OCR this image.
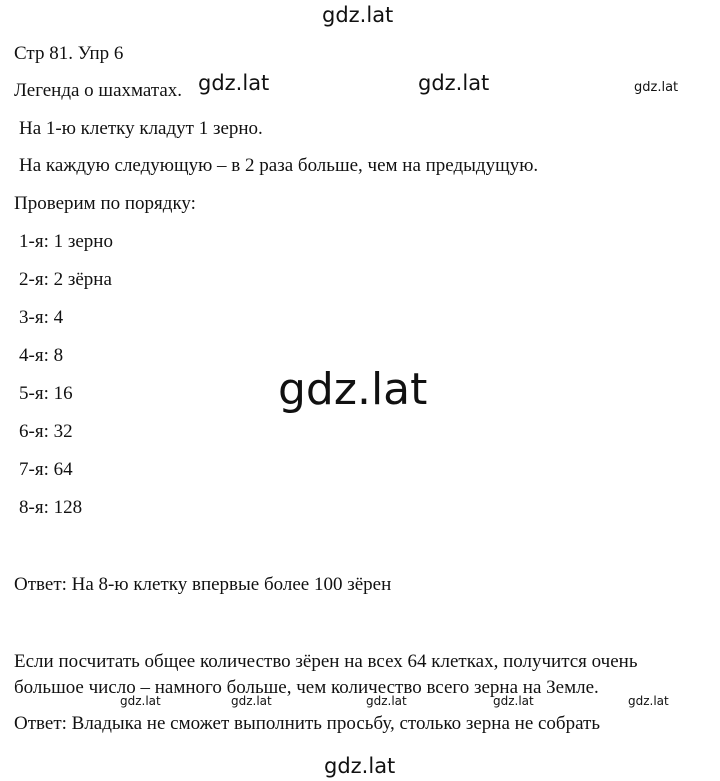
gdz.lat
Стр 81. Упр 6
Легенда о шахматах. gdz.lat	gdz.lat	gdz.lat
На 1-ю клетку кладут 1 зерно.
На каждую следующую – в 2 раза больше, чем на предыдущую.
Проверим по порядку:
1-я: 1 зерно
2-я: 2 зёрна
3-я: 4
4-я: 8
5-я: 16
6-я: 32
7-я: 64
8-я: 128
gdz.lat
Ответ: На 8-ю клетку впервые более 100 зёрен
Если посчитать общее количество зёрен на всех 64 клетках, получится очень
большое число – намного больше, чем количество всего зерна на Земле.
gdz.lat	gdz.lat	gdz.lat	gdz.lat	gdz.lat
Ответ: Владыка не сможет выполнить просьбу, столько зерна не собрать
gdz.lat
